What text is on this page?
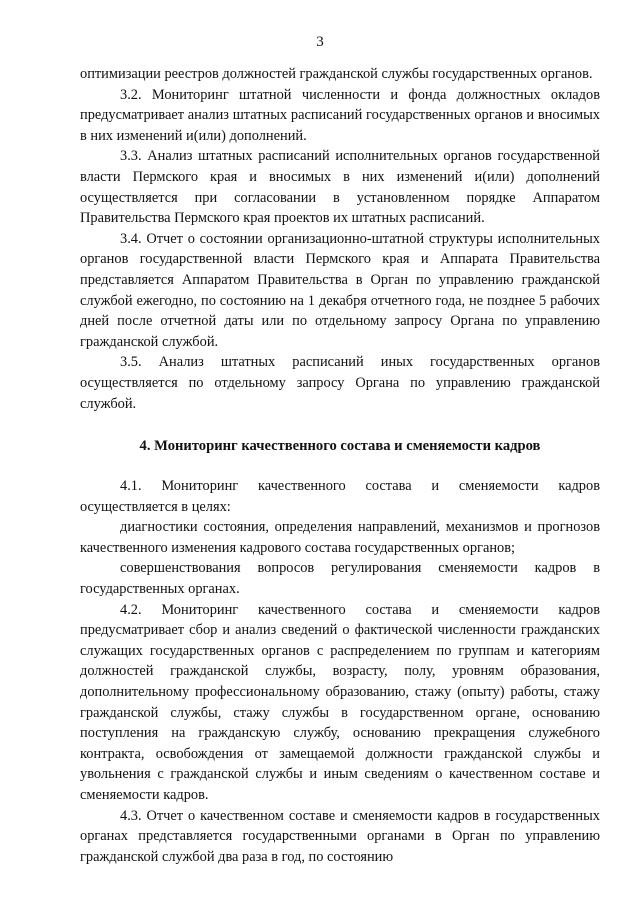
3

оптимизации реестров должностей гражданской службы государственных органов.

3.2. Мониторинг штатной численности и фонда должностных окладов предусматривает анализ штатных расписаний государственных органов и вносимых в них изменений и(или) дополнений.

3.3. Анализ штатных расписаний исполнительных органов государственной власти Пермского края и вносимых в них изменений и(или) дополнений осуществляется при согласовании в установленном порядке Аппаратом Правительства Пермского края проектов их штатных расписаний.

3.4. Отчет о состоянии организационно-штатной структуры исполнительных органов государственной власти Пермского края и Аппарата Правительства представляется Аппаратом Правительства в Орган по управлению гражданской службой ежегодно, по состоянию на 1 декабря отчетного года, не позднее 5 рабочих дней после отчетной даты или по отдельному запросу Органа по управлению гражданской службой.

3.5. Анализ штатных расписаний иных государственных органов осуществляется по отдельному запросу Органа по управлению гражданской службой.

4. Мониторинг качественного состава и сменяемости кадров

4.1. Мониторинг качественного состава и сменяемости кадров осуществляется в целях:

диагностики состояния, определения направлений, механизмов и прогнозов качественного изменения кадрового состава государственных органов;

совершенствования вопросов регулирования сменяемости кадров в государственных органах.

4.2. Мониторинг качественного состава и сменяемости кадров предусматривает сбор и анализ сведений о фактической численности гражданских служащих государственных органов с распределением по группам и категориям должностей гражданской службы, возрасту, полу, уровням образования, дополнительному профессиональному образованию, стажу (опыту) работы, стажу гражданской службы, стажу службы в государственном органе, основанию поступления на гражданскую службу, основанию прекращения служебного контракта, освобождения от замещаемой должности гражданской службы и увольнения с гражданской службы и иным сведениям о качественном составе и сменяемости кадров.

4.3. Отчет о качественном составе и сменяемости кадров в государственных органах представляется государственными органами в Орган по управлению гражданской службой два раза в год, по состоянию
